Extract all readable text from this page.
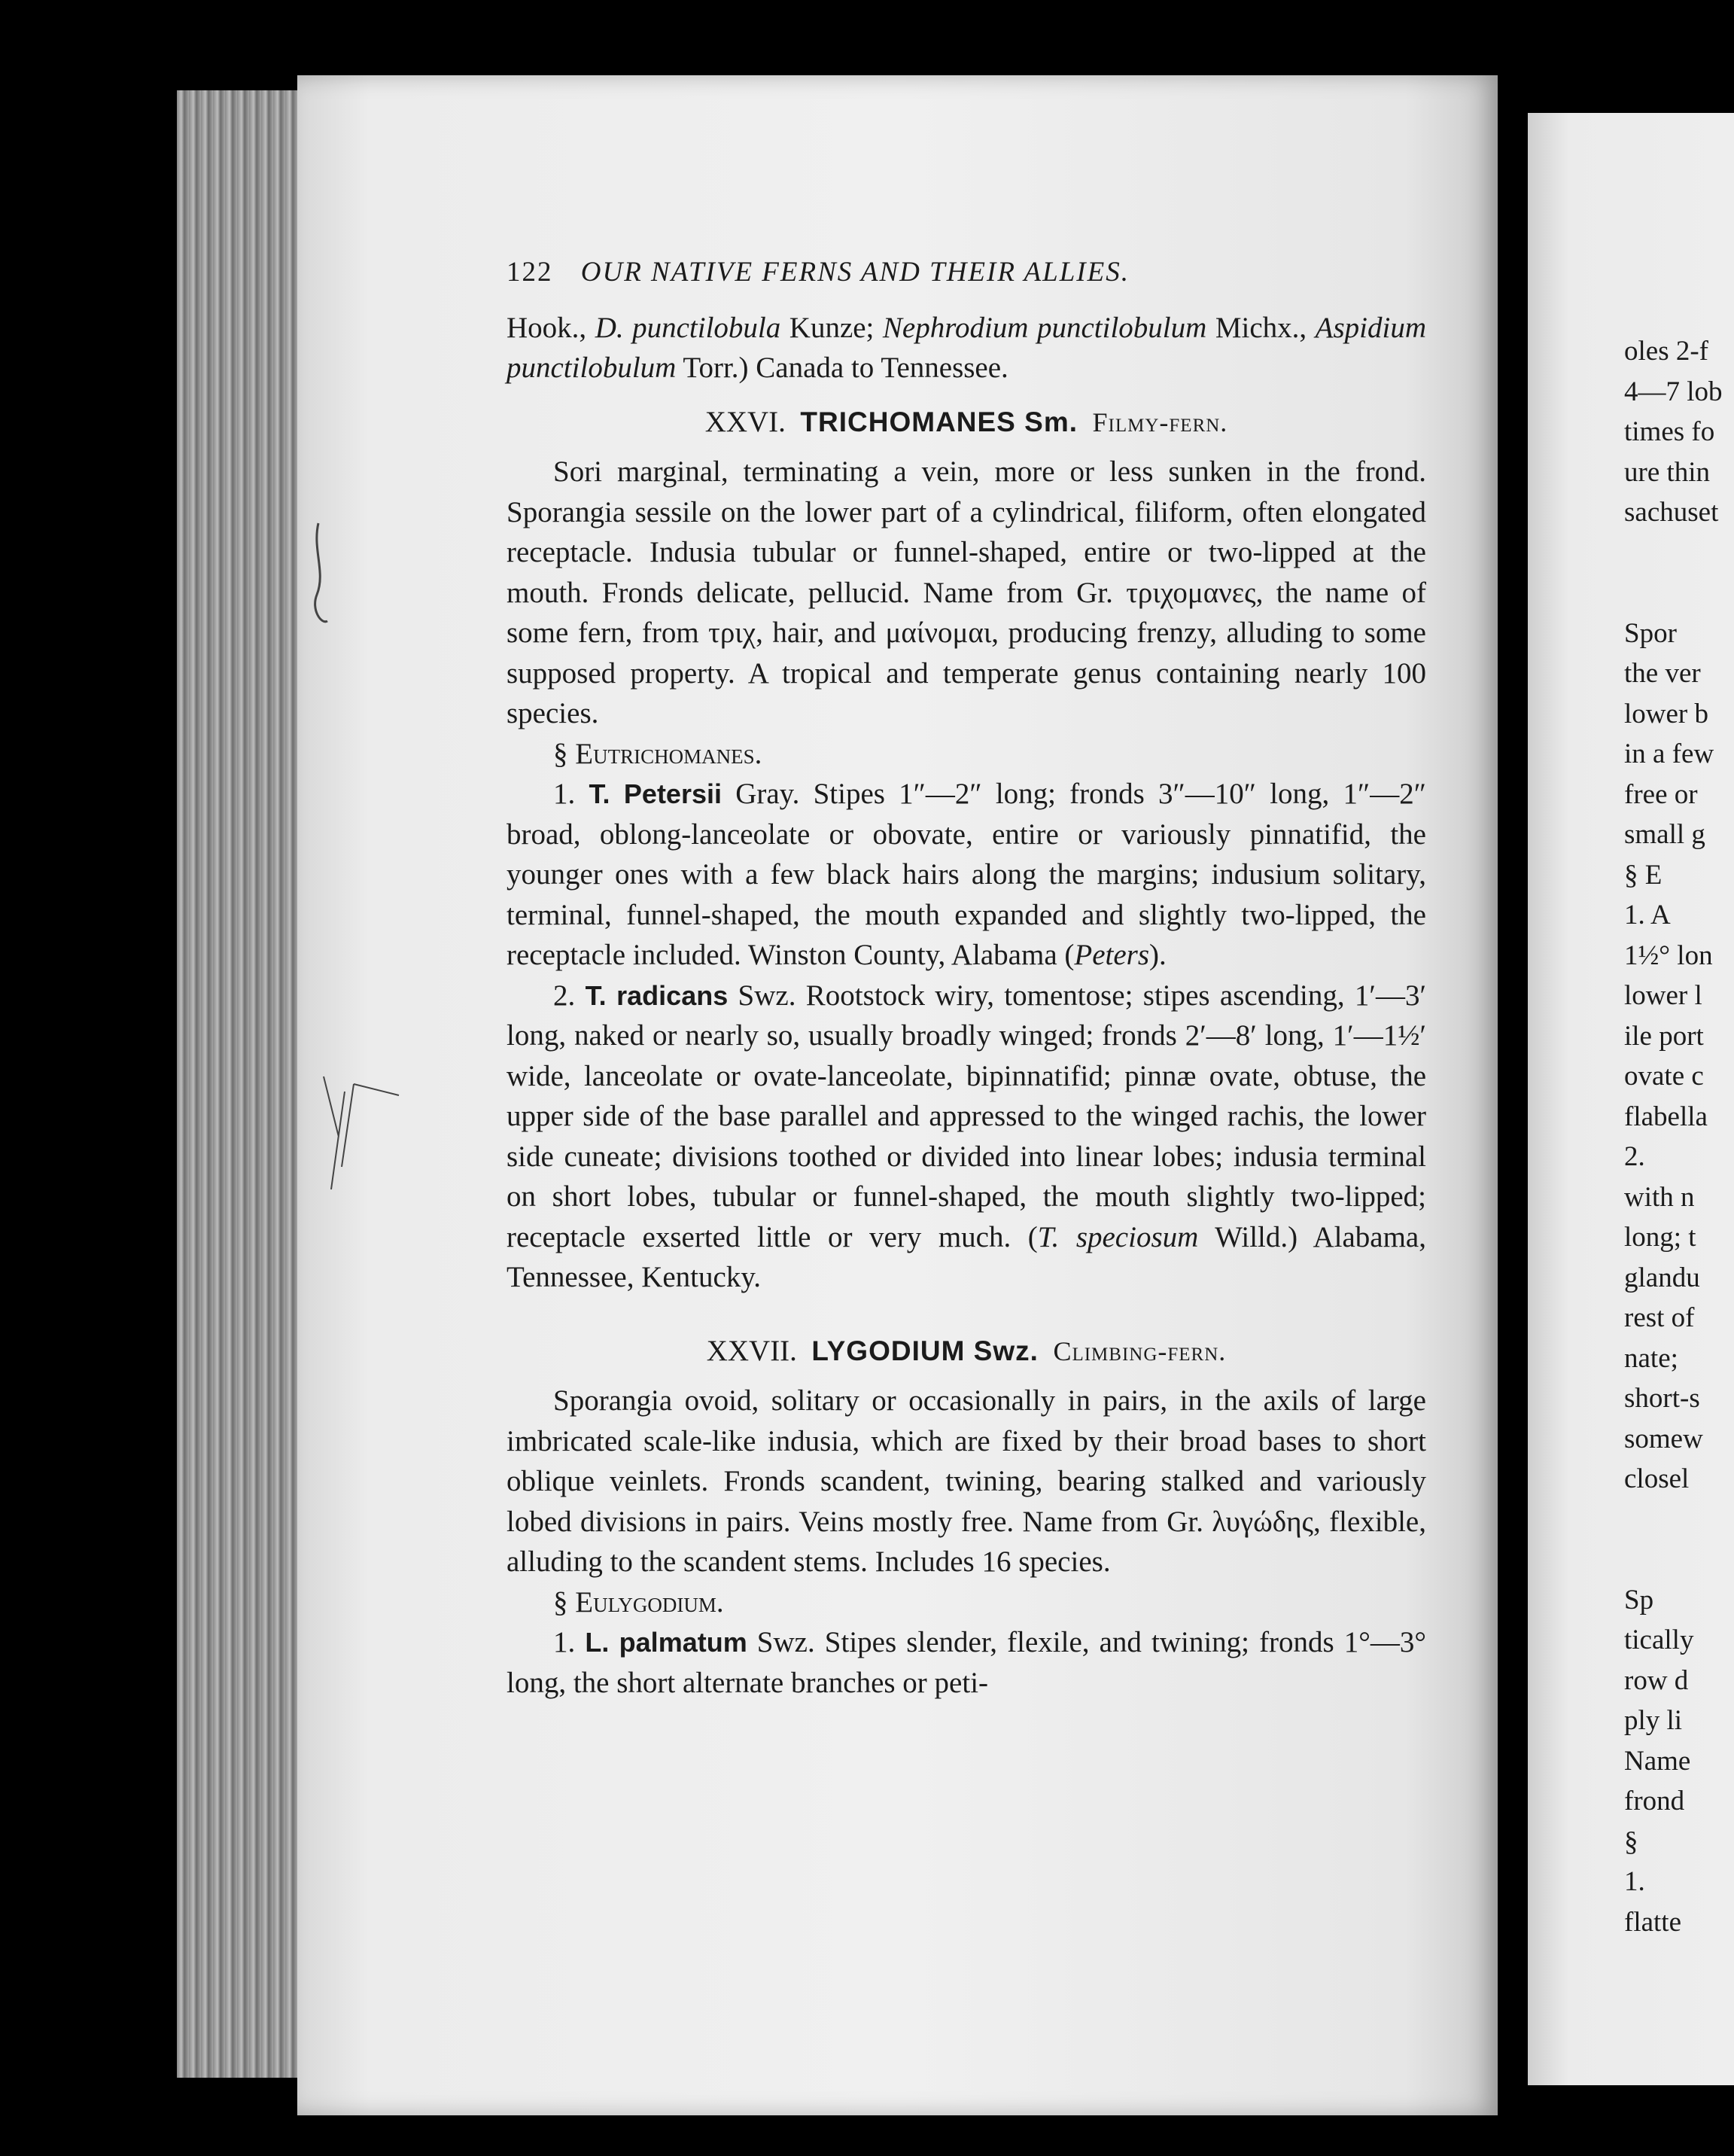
122 OUR NATIVE FERNS AND THEIR ALLIES.

Hook., D. punctilobula Kunze; Nephrodium punctilobulum Michx., Aspidium punctilobulum Torr.) Canada to Tennessee.

XXVI. TRICHOMANES Sm. Filmy-fern.

Sori marginal, terminating a vein, more or less sunken in the frond. Sporangia sessile on the lower part of a cylindrical, filiform, often elongated receptacle. Indusia tubular or funnel-shaped, entire or two-lipped at the mouth. Fronds delicate, pellucid. Name from Gr. τριχομανες, the name of some fern, from τριχ, hair, and μαίνομαι, producing frenzy, alluding to some supposed property. A tropical and temperate genus containing nearly 100 species.

§ Eutrichomanes.

1. T. Petersii Gray. Stipes 1″—2″ long; fronds 3″—10″ long, 1″—2″ broad, oblong-lanceolate or obovate, entire or variously pinnatifid, the younger ones with a few black hairs along the margins; indusium solitary, terminal, funnel-shaped, the mouth expanded and slightly two-lipped, the receptacle included. Winston County, Alabama (Peters).

2. T. radicans Swz. Rootstock wiry, tomentose; stipes ascending, 1′—3′ long, naked or nearly so, usually broadly winged; fronds 2′—8′ long, 1′—1½′ wide, lanceolate or ovate-lanceolate, bipinnatifid; pinnæ ovate, obtuse, the upper side of the base parallel and appressed to the winged rachis, the lower side cuneate; divisions toothed or divided into linear lobes; indusia terminal on short lobes, tubular or funnel-shaped, the mouth slightly two-lipped; receptacle exserted little or very much. (T. speciosum Willd.) Alabama, Tennessee, Kentucky.

XXVII. LYGODIUM Swz. Climbing-fern.

Sporangia ovoid, solitary or occasionally in pairs, in the axils of large imbricated scale-like indusia, which are fixed by their broad bases to short oblique veinlets. Fronds scandent, twining, bearing stalked and variously lobed divisions in pairs. Veins mostly free. Name from Gr. λυγώδης, flexible, alluding to the scandent stems. Includes 16 species.

§ Eulygodium.

1. L. palmatum Swz. Stipes slender, flexile, and twining; fronds 1°—3° long, the short alternate branches or peti-

oles 2-f
4—7 lob
times fo
ure thin
sachuset
Spor
the ver
lower b
in a few
free or
small g
§ E
1. A
1½° lon
lower l
ile port
ovate c
flabella
2.
with n
long; t
glandu
rest of
nate;
short-s
somew
closel
Sp
tically
row d
ply li
Name
frond
§
1.
flatte
